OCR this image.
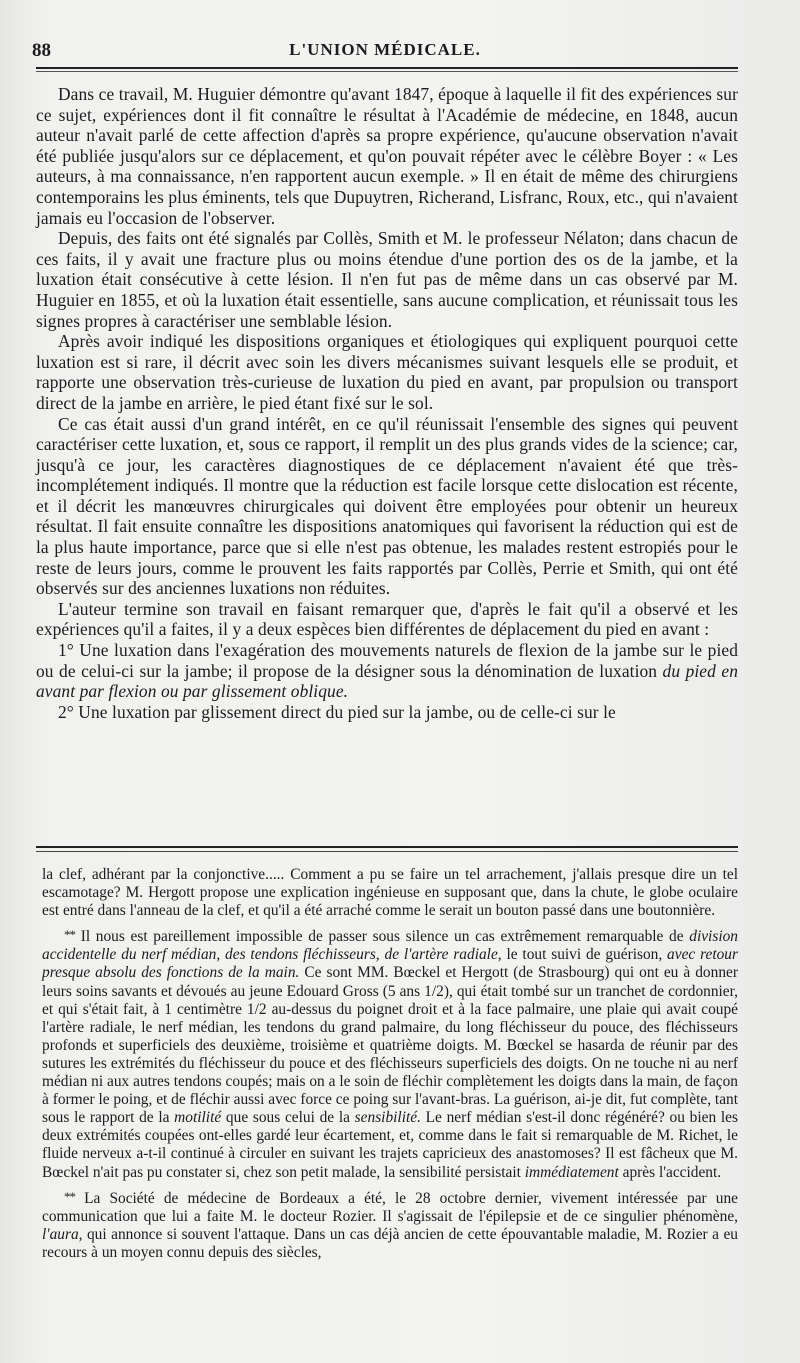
88	L'UNION MÉDICALE.

Dans ce travail, M. Huguier démontre qu'avant 1847, époque à laquelle il fit des expériences sur ce sujet, expériences dont il fit connaître le résultat à l'Académie de médecine, en 1848, aucun auteur n'avait parlé de cette affection d'après sa propre expérience, qu'aucune observation n'avait été publiée jusqu'alors sur ce déplacement, et qu'on pouvait répéter avec le célèbre Boyer : « Les auteurs, à ma connaissance, n'en rapportent aucun exemple. » Il en était de même des chirurgiens contemporains les plus éminents, tels que Dupuytren, Richerand, Lisfranc, Roux, etc., qui n'avaient jamais eu l'occasion de l'observer.

Depuis, des faits ont été signalés par Collès, Smith et M. le professeur Nélaton; dans chacun de ces faits, il y avait une fracture plus ou moins étendue d'une portion des os de la jambe, et la luxation était consécutive à cette lésion. Il n'en fut pas de même dans un cas observé par M. Huguier en 1855, et où la luxation était essentielle, sans aucune complication, et réunissait tous les signes propres à caractériser une semblable lésion.

Après avoir indiqué les dispositions organiques et étiologiques qui expliquent pourquoi cette luxation est si rare, il décrit avec soin les divers mécanismes suivant lesquels elle se produit, et rapporte une observation très-curieuse de luxation du pied en avant, par propulsion ou transport direct de la jambe en arrière, le pied étant fixé sur le sol.

Ce cas était aussi d'un grand intérêt, en ce qu'il réunissait l'ensemble des signes qui peuvent caractériser cette luxation, et, sous ce rapport, il remplit un des plus grands vides de la science; car, jusqu'à ce jour, les caractères diagnostiques de ce déplacement n'avaient été que très-incomplétement indiqués. Il montre que la réduction est facile lorsque cette dislocation est récente, et il décrit les manœuvres chirurgicales qui doivent être employées pour obtenir un heureux résultat. Il fait ensuite connaître les dispositions anatomiques qui favorisent la réduction qui est de la plus haute importance, parce que si elle n'est pas obtenue, les malades restent estropiés pour le reste de leurs jours, comme le prouvent les faits rapportés par Collès, Perrie et Smith, qui ont été observés sur des anciennes luxations non réduites.

L'auteur termine son travail en faisant remarquer que, d'après le fait qu'il a observé et les expériences qu'il a faites, il y a deux espèces bien différentes de déplacement du pied en avant :

1° Une luxation dans l'exagération des mouvements naturels de flexion de la jambe sur le pied ou de celui-ci sur la jambe; il propose de la désigner sous la dénomination de luxation du pied en avant par flexion ou par glissement oblique.

2° Une luxation par glissement direct du pied sur la jambe, ou de celle-ci sur le

la clef, adhérant par la conjonctive..... Comment a pu se faire un tel arrachement, j'allais presque dire un tel escamotage? M. Hergott propose une explication ingénieuse en supposant que, dans la chute, le globe oculaire est entré dans l'anneau de la clef, et qu'il a été arraché comme le serait un bouton passé dans une boutonnière.

** Il nous est pareillement impossible de passer sous silence un cas extrêmement remarquable de division accidentelle du nerf médian, des tendons fléchisseurs, de l'artère radiale, le tout suivi de guérison, avec retour presque absolu des fonctions de la main. Ce sont MM. Bœckel et Hergott (de Strasbourg) qui ont eu à donner leurs soins savants et dévoués au jeune Edouard Gross (5 ans 1/2), qui était tombé sur un tranchet de cordonnier, et qui s'était fait, à 1 centimètre 1/2 au-dessus du poignet droit et à la face palmaire, une plaie qui avait coupé l'artère radiale, le nerf médian, les tendons du grand palmaire, du long fléchisseur du pouce, des fléchisseurs profonds et superficiels des deuxième, troisième et quatrième doigts. M. Bœckel se hasarda de réunir par des sutures les extrémités du fléchisseur du pouce et des fléchisseurs superficiels des doigts. On ne touche ni au nerf médian ni aux autres tendons coupés; mais on a le soin de fléchir complètement les doigts dans la main, de façon à former le poing, et de fléchir aussi avec force ce poing sur l'avant-bras. La guérison, ai-je dit, fut complète, tant sous le rapport de la motilité que sous celui de la sensibilité. Le nerf médian s'est-il donc régénéré? ou bien les deux extrémités coupées ont-elles gardé leur écartement, et, comme dans le fait si remarquable de M. Richet, le fluide nerveux a-t-il continué à circuler en suivant les trajets capricieux des anastomoses? Il est fâcheux que M. Bœckel n'ait pas pu constater si, chez son petit malade, la sensibilité persistait immédiatement après l'accident.

** La Société de médecine de Bordeaux a été, le 28 octobre dernier, vivement intéressée par une communication que lui a faite M. le docteur Rozier. Il s'agissait de l'épilepsie et de ce singulier phénomène, l'aura, qui annonce si souvent l'attaque. Dans un cas déjà ancien de cette épouvantable maladie, M. Rozier a eu recours à un moyen connu depuis des siècles,
